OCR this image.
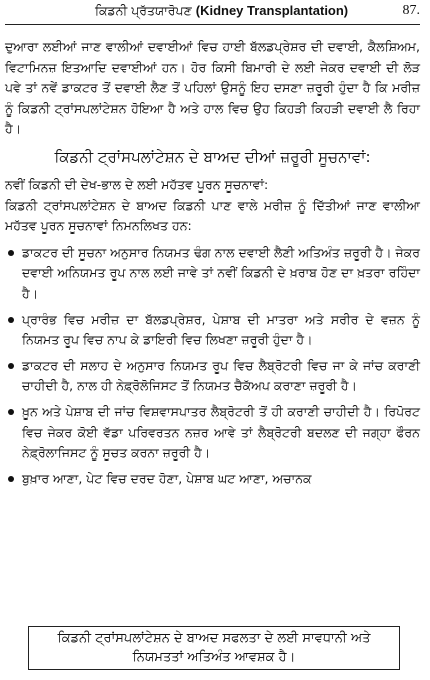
ਕਿਡਨੀ ਪ੍ਰੱਤਯਾਰੋਪਣ (Kidney Transplantation)	87.

ਦੁਆਰਾ ਲਈਆਂ ਜਾਣ ਵਾਲੀਆਂ ਦਵਾਈਆਂ ਵਿਚ ਹਾਈ ਬੱਲਡਪ੍ਰੇਸ਼ਰ ਦੀ ਦਵਾਈ, ਕੈਲਸ਼ਿਅਮ, ਵਿਟਾਮਿਨਜ਼ ਇਤਆਦਿ ਦਵਾਈਆਂ ਹਨ। ਹੋਰ ਕਿਸੀ ਬਿਮਾਰੀ ਦੇ ਲਈ ਜੇਕਰ ਦਵਾਈ ਦੀ ਲੋੜ ਪਵੇ ਤਾਂ ਨਵੇਂ ਡਾਕਟਰ ਤੋਂ ਦਵਾਈ ਲੈਣ ਤੋਂ ਪਹਿਲਾਂ ਉਸਨੂੰ ਇਹ ਦਸਣਾ ਜ਼ਰੂਰੀ ਹੁੰਦਾ ਹੈ ਕਿ ਮਰੀਜ਼ ਨੂੰ ਕਿਡਨੀ ਟ੍ਰਾਂਸਪਲਾਂਟੇਸ਼ਨ ਹੋਇਆ ਹੈ ਅਤੇ ਹਾਲ ਵਿਚ ਉਹ ਕਿਹੜੀ ਕਿਹੜੀ ਦਵਾਈ ਲੈ ਰਿਹਾ ਹੈ।

ਕਿਡਨੀ ਟ੍ਰਾਂਸਪਲਾਂਟੇਸ਼ਨ ਦੇ ਬਾਅਦ ਦੀਆਂ ਜ਼ਰੂਰੀ ਸੂਚਨਾਵਾਂ:

ਨਵੀਂ ਕਿਡਨੀ ਦੀ ਦੇਖ-ਭਾਲ ਦੇ ਲਈ ਮਹੱਤਵ ਪੂਰਨ ਸੂਚਨਾਵਾਂ:

ਕਿਡਨੀ ਟ੍ਰਾਂਸਪਲਾਂਟੇਸ਼ਨ ਦੇ ਬਾਅਦ ਕਿਡਨੀ ਪਾਣ ਵਾਲੇ ਮਰੀਜ਼ ਨੂੰ ਦਿੱਤੀਆਂ ਜਾਣ ਵਾਲੀਆ ਮਹੱਤਵ ਪੂਰਨ ਸੂਚਨਾਵਾਂ ਨਿਮਨਲਿਖਤ ਹਨ:

ਡਾਕਟਰ ਦੀ ਸੂਚਨਾ ਅਨੁਸਾਰ ਨਿਯਮਤ ਢੰਗ ਨਾਲ ਦਵਾਈ ਲੈਣੀ ਅਤਿਅੰਤ ਜ਼ਰੂਰੀ ਹੈ। ਜੇਕਰ ਦਵਾਈ ਅਨਿਯਮਤ ਰੂਪ ਨਾਲ ਲਈ ਜਾਵੇ ਤਾਂ ਨਵੀਂ ਕਿਡਨੀ ਦੇ ਖ਼ਰਾਬ ਹੋਣ ਦਾ ਖ਼ਤਰਾ ਰਹਿੰਦਾ ਹੈ।
ਪ੍ਰਾਰੰਭ ਵਿਚ ਮਰੀਜ਼ ਦਾ ਬੱਲਡਪ੍ਰੇਸ਼ਰ, ਪੇਸ਼ਾਬ ਦੀ ਮਾਤਰਾ ਅਤੇ ਸਰੀਰ ਦੇ ਵਜ਼ਨ ਨੂੰ ਨਿਯਮਤ ਰੂਪ ਵਿਚ ਨਾਪ ਕੇ ਡਾਇਰੀ ਵਿਚ ਲਿਖਣਾ ਜ਼ਰੂਰੀ ਹੁੰਦਾ ਹੈ।
ਡਾਕਟਰ ਦੀ ਸਲਾਹ ਦੇ ਅਨੁਸਾਰ ਨਿਯਮਤ ਰੂਪ ਵਿਚ ਲੈਬ੍ਰੋਟਰੀ ਵਿਚ ਜਾ ਕੇ ਜਾਂਚ ਕਰਾਣੀ ਚਾਹੀਦੀ ਹੈ, ਨਾਲ ਹੀ ਨੇਫ਼੍ਰੋਲੋਜਿਸਟ ਤੋਂ ਨਿਯਮਤ ਚੈਕੱਅਪ ਕਰਾਣਾ ਜ਼ਰੂਰੀ ਹੈ।
ਖ਼ੂਨ ਅਤੇ ਪੇਸ਼ਾਬ ਦੀ ਜਾਂਚ ਵਿਸ਼ਵਾਸਪਾਤਰ ਲੈਬ੍ਰੋਟਰੀ ਤੋਂ ਹੀ ਕਰਾਣੀ ਚਾਹੀਦੀ ਹੈ। ਰਿਪੋਰਟ ਵਿਚ ਜੇਕਰ ਕੋਈ ਵੱਡਾ ਪਰਿਵਰਤਨ ਨਜ਼ਰ ਆਵੇ ਤਾਂ ਲੈਬ੍ਰੋਟਰੀ ਬਦਲਣ ਦੀ ਜਗ੍ਹਾ ਫੌਰਨ ਨੇਫ਼੍ਰੋਲਾਜਿਸਟ ਨੂੰ ਸੂਚਤ ਕਰਨਾ ਜ਼ਰੂਰੀ ਹੈ।
ਬੁਖ਼ਾਰ ਆਣਾ, ਪੇਟ ਵਿਚ ਦਰਦ ਹੋਣਾ, ਪੇਸ਼ਾਬ ਘਟ ਆਣਾ, ਅਚਾਨਕ
ਕਿਡਨੀ ਟ੍ਰਾਂਸਪਲਾਂਟੇਸ਼ਨ ਦੇ ਬਾਅਦ ਸਫਲਤਾ ਦੇ ਲਈ ਸਾਵਧਾਨੀ ਅਤੇ ਨਿਯਮਤਤਾਂ ਅਤਿਅੰਤ ਆਵਸ਼ਕ ਹੈ।
